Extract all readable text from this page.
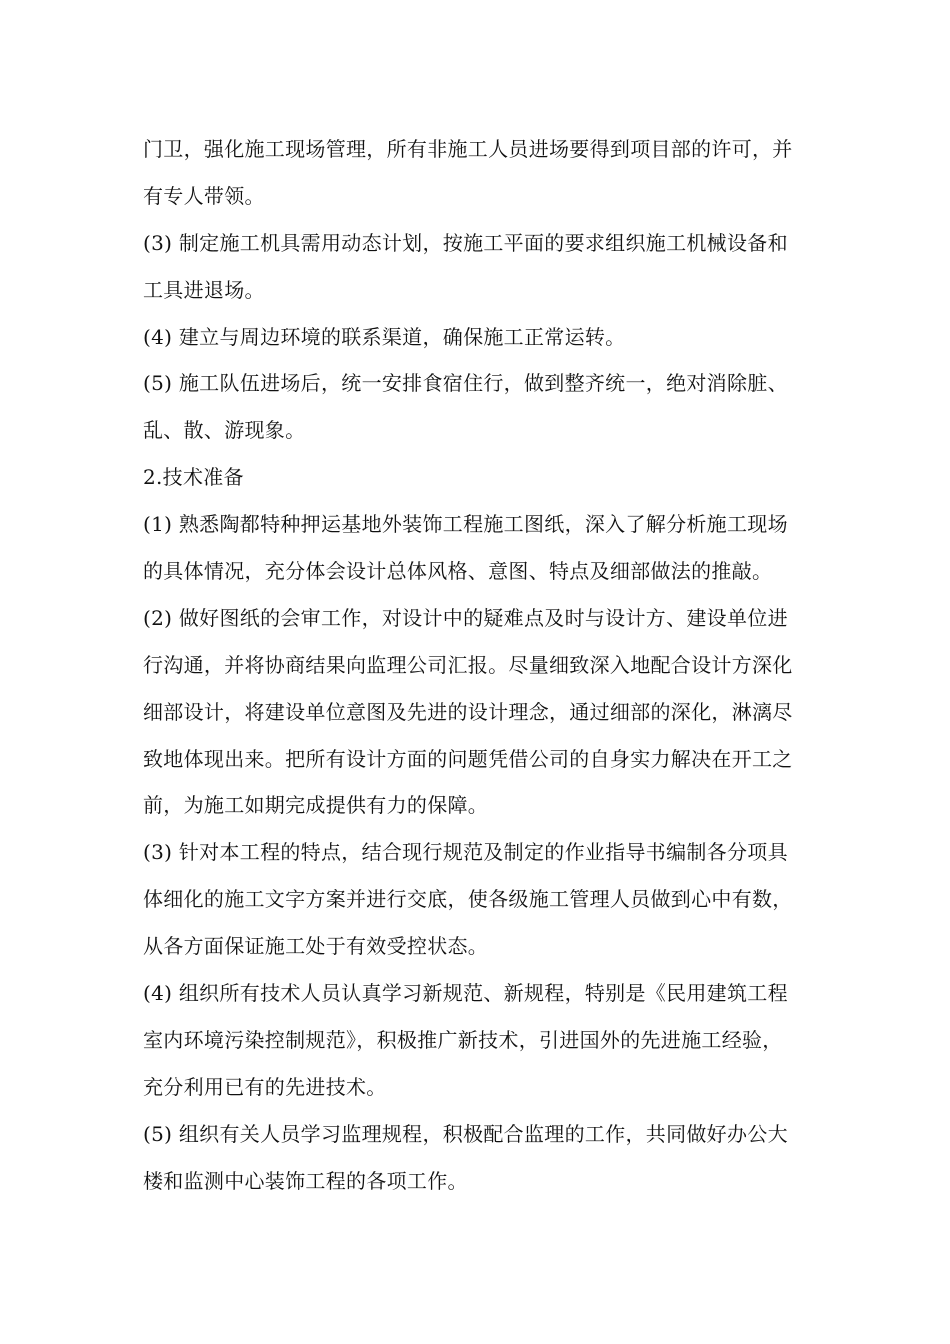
门卫，强化施工现场管理，所有非施工人员进场要得到项目部的许可，并
有专人带领。
(3) 制定施工机具需用动态计划，按施工平面的要求组织施工机械设备和
工具进退场。
(4) 建立与周边环境的联系渠道，确保施工正常运转。
(5) 施工队伍进场后，统一安排食宿住行，做到整齐统一，绝对消除脏、
乱、散、游现象。
2.技术准备
(1) 熟悉陶都特种押运基地外装饰工程施工图纸，深入了解分析施工现场
的具体情况，充分体会设计总体风格、意图、特点及细部做法的推敲。
(2) 做好图纸的会审工作，对设计中的疑难点及时与设计方、建设单位进
行沟通，并将协商结果向监理公司汇报。尽量细致深入地配合设计方深化
细部设计，将建设单位意图及先进的设计理念，通过细部的深化，淋漓尽
致地体现出来。把所有设计方面的问题凭借公司的自身实力解决在开工之
前，为施工如期完成提供有力的保障。
(3) 针对本工程的特点，结合现行规范及制定的作业指导书编制各分项具
体细化的施工文字方案并进行交底，使各级施工管理人员做到心中有数，
从各方面保证施工处于有效受控状态。
(4) 组织所有技术人员认真学习新规范、新规程，特别是《民用建筑工程
室内环境污染控制规范》，积极推广新技术，引进国外的先进施工经验，
充分利用已有的先进技术。
(5) 组织有关人员学习监理规程，积极配合监理的工作，共同做好办公大
楼和监测中心装饰工程的各项工作。
